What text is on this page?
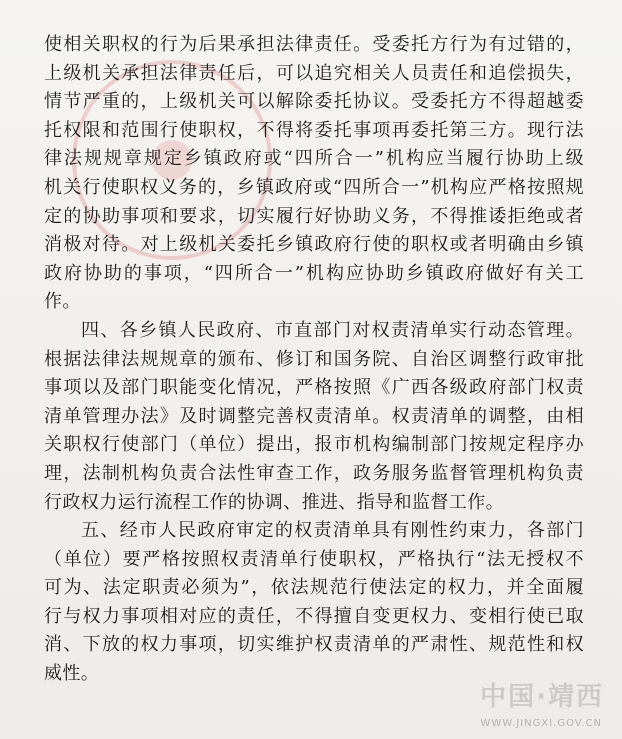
使相关职权的行为后果承担法律责任。受委托方行为有过错的，
上级机关承担法律责任后，可以追究相关人员责任和追偿损失，
情节严重的，上级机关可以解除委托协议。受委托方不得超越委
托权限和范围行使职权，不得将委托事项再委托第三方。现行法
律法规规章规定乡镇政府或“四所合一”机构应当履行协助上级
机关行使职权义务的，乡镇政府或“四所合一”机构应严格按照规
定的协助事项和要求，切实履行好协助义务，不得推诿拒绝或者
消极对待。对上级机关委托乡镇政府行使的职权或者明确由乡镇
政府协助的事项，“四所合一”机构应协助乡镇政府做好有关工
作。
四、各乡镇人民政府、市直部门对权责清单实行动态管理。
根据法律法规规章的颁布、修订和国务院、自治区调整行政审批
事项以及部门职能变化情况，严格按照《广西各级政府部门权责
清单管理办法》及时调整完善权责清单。权责清单的调整，由相
关职权行使部门（单位）提出，报市机构编制部门按规定程序办
理，法制机构负责合法性审查工作，政务服务监督管理机构负责
行政权力运行流程工作的协调、推进、指导和监督工作。
五、经市人民政府审定的权责清单具有刚性约束力，各部门
（单位）要严格按照权责清单行使职权，严格执行“法无授权不
可为、法定职责必须为”，依法规范行使法定的权力，并全面履
行与权力事项相对应的责任，不得擅自变更权力、变相行使已取
消、下放的权力事项，切实维护权责清单的严肃性、规范性和权
威性。
中国·靖西
WWW.JINGXI.GOV.CN
